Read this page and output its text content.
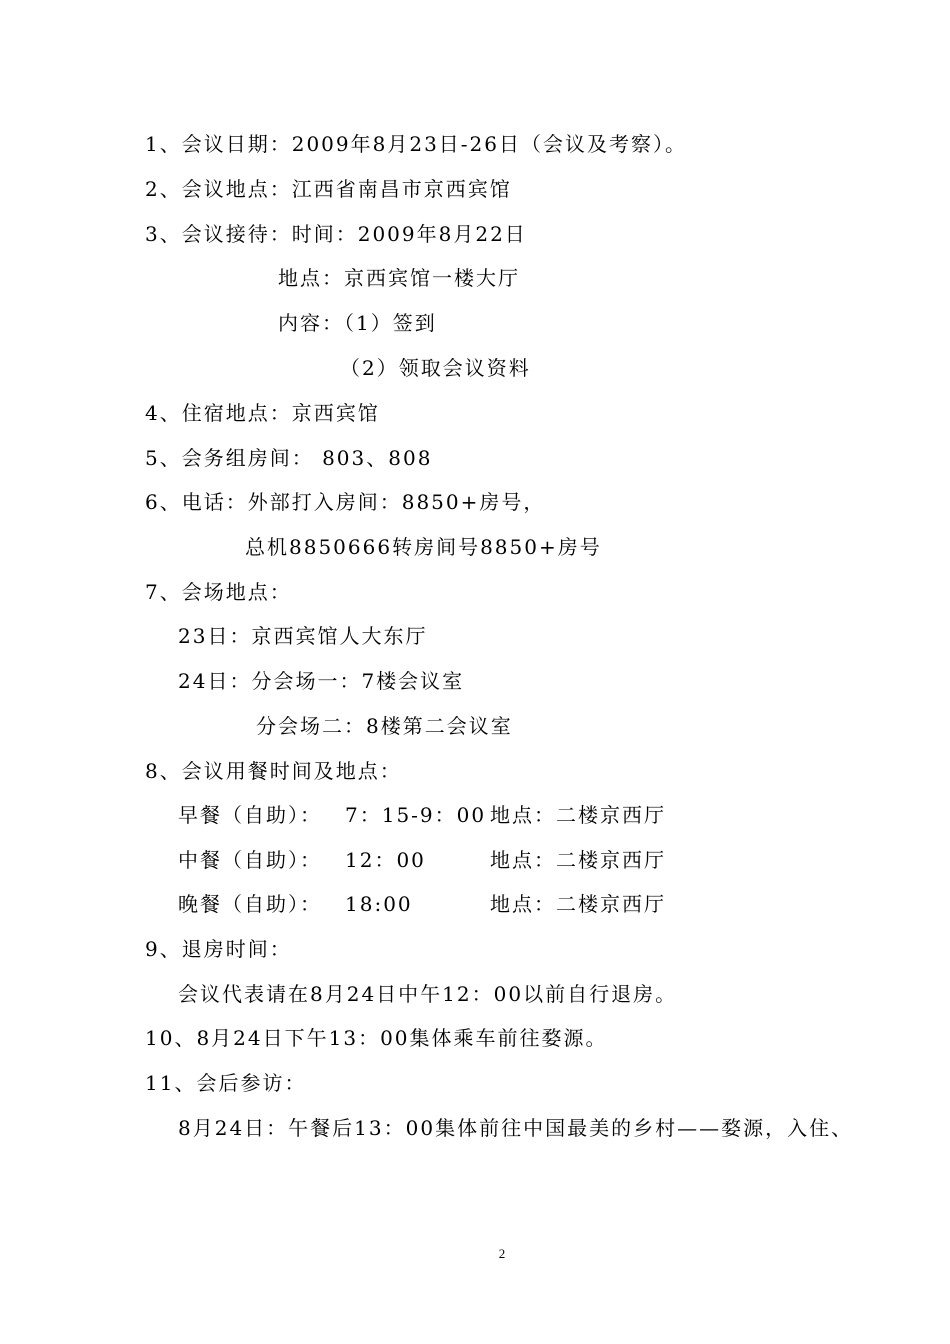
1、会议日期：2009年8月23日-26日（会议及考察）。
2、会议地点：江西省南昌市京西宾馆
3、会议接待：时间：2009年8月22日
地点：京西宾馆一楼大厅
内容：（1）签到
（2）领取会议资料
4、住宿地点：京西宾馆
5、会务组房间： 803、808
6、电话：外部打入房间：8850+房号，
总机8850666转房间号8850+房号
7、会场地点：
23日：京西宾馆人大东厅
24日：分会场一：7楼会议室
分会场二：8楼第二会议室
8、会议用餐时间及地点：
早餐（自助）： 7：15-9：00 地点：二楼京西厅
中餐（自助）： 12：00	地点：二楼京西厅
晚餐（自助）： 18:00	地点：二楼京西厅
9、退房时间：
会议代表请在8月24日中午12：00以前自行退房。
10、8月24日下午13：00集体乘车前往婺源。
11、会后参访：
8月24日：午餐后13：00集体前往中国最美的乡村——婺源，入住、
2
